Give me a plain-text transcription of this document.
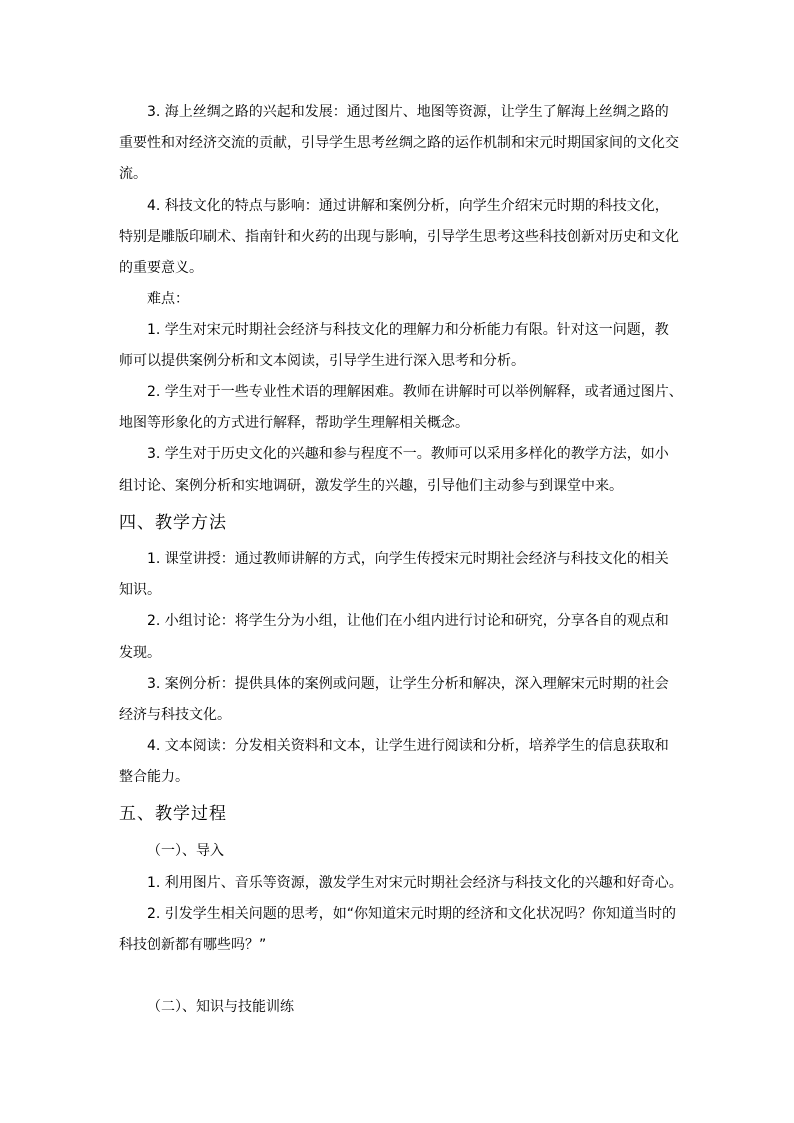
3. 海上丝绸之路的兴起和发展：通过图片、地图等资源，让学生了解海上丝绸之路的
重要性和对经济交流的贡献，引导学生思考丝绸之路的运作机制和宋元时期国家间的文化交
流。
4. 科技文化的特点与影响：通过讲解和案例分析，向学生介绍宋元时期的科技文化，
特别是雕版印刷术、指南针和火药的出现与影响，引导学生思考这些科技创新对历史和文化
的重要意义。
难点：
1. 学生对宋元时期社会经济与科技文化的理解力和分析能力有限。针对这一问题，教
师可以提供案例分析和文本阅读，引导学生进行深入思考和分析。
2. 学生对于一些专业性术语的理解困难。教师在讲解时可以举例解释，或者通过图片、
地图等形象化的方式进行解释，帮助学生理解相关概念。
3. 学生对于历史文化的兴趣和参与程度不一。教师可以采用多样化的教学方法，如小
组讨论、案例分析和实地调研，激发学生的兴趣，引导他们主动参与到课堂中来。
四、教学方法
1. 课堂讲授：通过教师讲解的方式，向学生传授宋元时期社会经济与科技文化的相关
知识。
2. 小组讨论：将学生分为小组，让他们在小组内进行讨论和研究，分享各自的观点和
发现。
3. 案例分析：提供具体的案例或问题，让学生分析和解决，深入理解宋元时期的社会
经济与科技文化。
4. 文本阅读：分发相关资料和文本，让学生进行阅读和分析，培养学生的信息获取和
整合能力。
五、教学过程
（一）、导入
1. 利用图片、音乐等资源，激发学生对宋元时期社会经济与科技文化的兴趣和好奇心。
2. 引发学生相关问题的思考，如“你知道宋元时期的经济和文化状况吗？你知道当时的
科技创新都有哪些吗？”
（二）、知识与技能训练
